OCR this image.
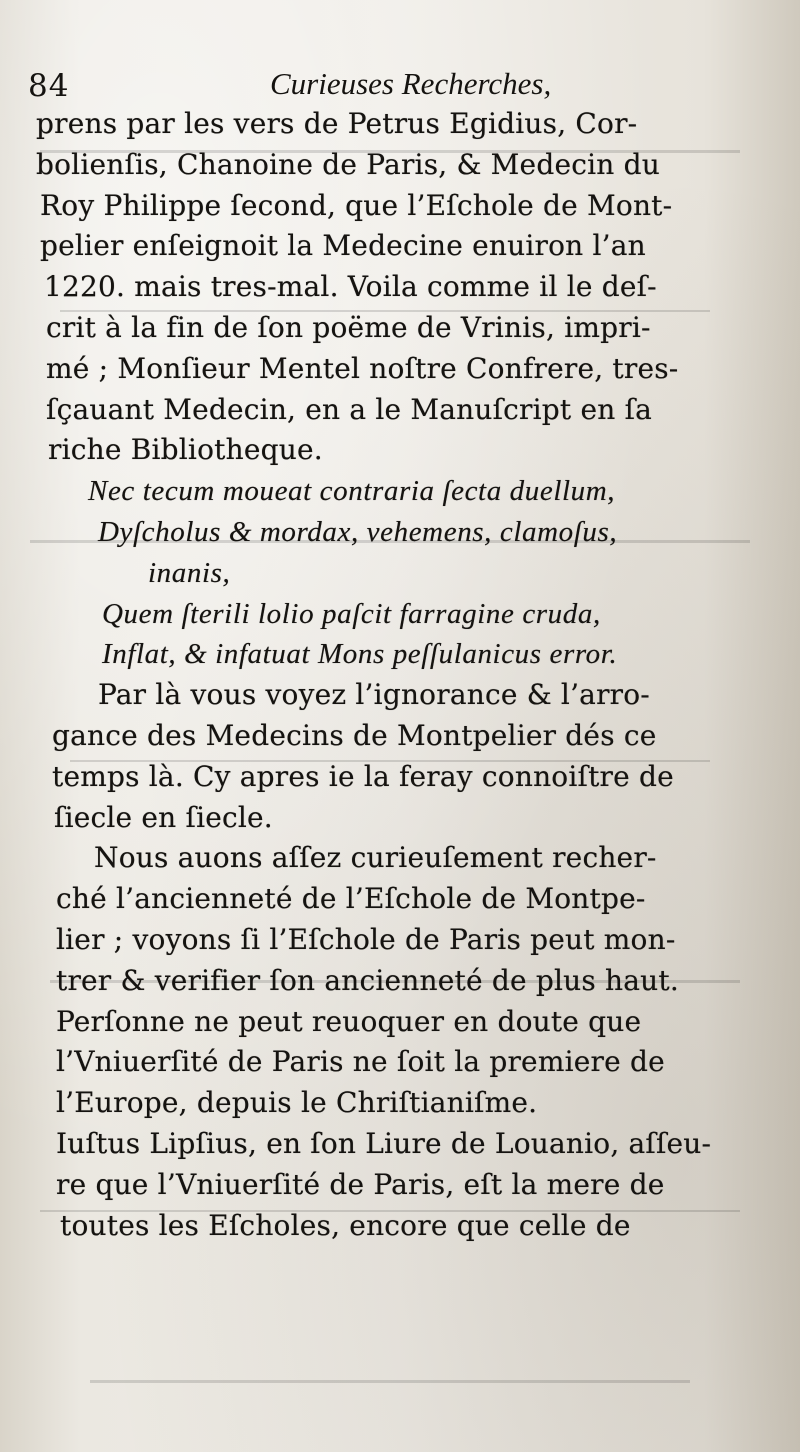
84	Curieuses Recherches,
prens par les vers de Petrus Egidius, Cor-
bolienſis, Chanoine de Paris, & Medecin du
Roy Philippe ſecond, que l’Eſchole de Mont-
pelier enſeignoit la Medecine enuiron l’an
1220. mais tres-mal. Voila comme il le deſ-
crit à la fin de ſon poëme de Vrinis, impri-
mé ; Monſieur Mentel noſtre Confrere, tres-
ſçauant Medecin, en a le Manuſcript en ſa
riche Bibliotheque.
Nec tecum moueat contraria ſecta duellum,
Dyſcholus & mordax, vehemens, clamoſus,
inanis,
Quem ſterili lolio paſcit farragine cruda,
Inflat, & infatuat Mons peſſulanicus error.
Par là vous voyez l’ignorance & l’arro-
gance des Medecins de Montpelier dés ce
temps là. Cy apres ie la feray connoiſtre de
ſiecle en ſiecle.
Nous auons aſſez curieuſement recher-
ché l’ancienneté de l’Eſchole de Montpe-
lier ; voyons ſi l’Eſchole de Paris peut mon-
trer & verifier ſon ancienneté de plus haut.
Perſonne ne peut reuoquer en doute que
l’Vniuerſité de Paris ne ſoit la premiere de
l’Europe, depuis le Chriſtianiſme.
Iuſtus Lipſius, en ſon Liure de Louanio, aſſeu-
re que l’Vniuerſité de Paris, eſt la mere de
toutes les Eſcholes, encore que celle de
